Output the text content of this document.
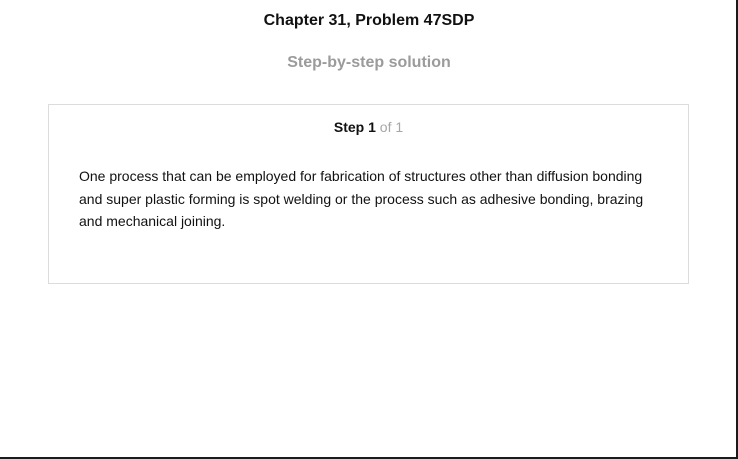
Chapter 31, Problem 47SDP
Step-by-step solution
Step 1 of 1
One process that can be employed for fabrication of structures other than diffusion bonding and super plastic forming is spot welding or the process such as adhesive bonding, brazing and mechanical joining.
